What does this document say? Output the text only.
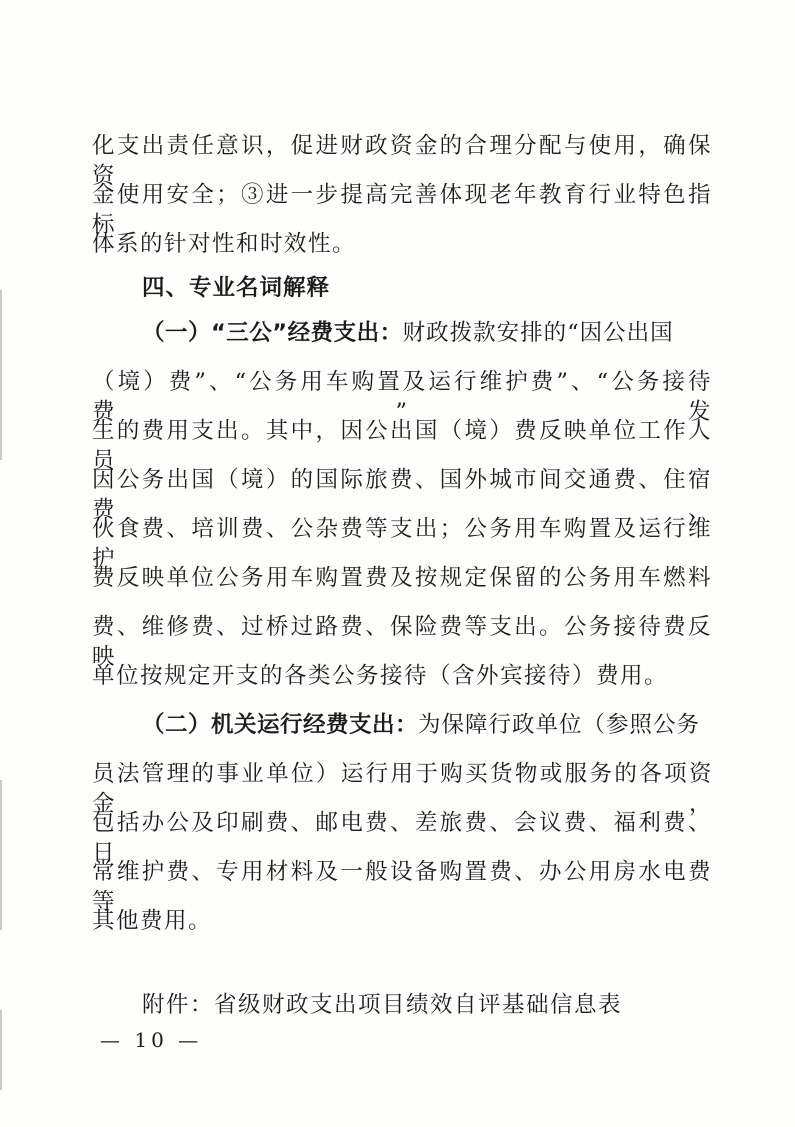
化支出责任意识，促进财政资金的合理分配与使用，确保资
金使用安全；③进一步提高完善体现老年教育行业特色指标
体系的针对性和时效性。
四、专业名词解释
（一）“三公”经费支出：财政拨款安排的“因公出国
（境）费”、“公务用车购置及运行维护费”、“公务接待费”发
生的费用支出。其中，因公出国（境）费反映单位工作人员
因公务出国（境）的国际旅费、国外城市间交通费、住宿费、
伙食费、培训费、公杂费等支出；公务用车购置及运行维护
费反映单位公务用车购置费及按规定保留的公务用车燃料
费、维修费、过桥过路费、保险费等支出。公务接待费反映
单位按规定开支的各类公务接待（含外宾接待）费用。
（二）机关运行经费支出：为保障行政单位（参照公务
员法管理的事业单位）运行用于购买货物或服务的各项资金，
包括办公及印刷费、邮电费、差旅费、会议费、福利费、日
常维护费、专用材料及一般设备购置费、办公用房水电费等
其他费用。
附件：省级财政支出项目绩效自评基础信息表
— 10 —
